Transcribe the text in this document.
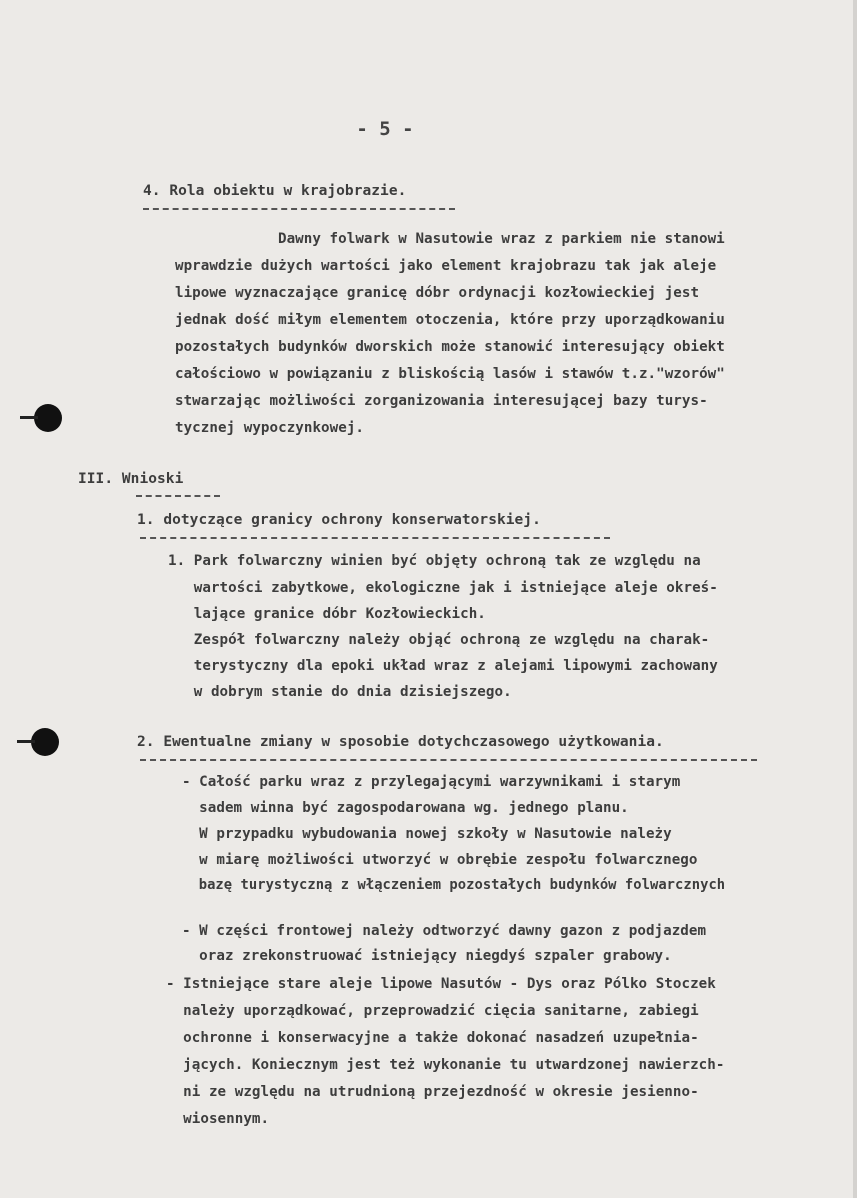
- 5 -
4. Rola obiektu w krajobrazie.
Dawny folwark w Nasutowie wraz z parkiem nie stanowi
wprawdzie dużych wartości jako element krajobrazu tak jak aleje
lipowe wyznaczające granicę dóbr ordynacji kozłowieckiej jest
jednak dość miłym elementem otoczenia, które przy uporządkowaniu
pozostałych budynków dworskich może stanowić interesujący obiekt
całościowo w powiązaniu z bliskością lasów i stawów t.z."wzorów"
stwarzając możliwości zorganizowania interesującej bazy turys-
tycznej wypoczynkowej.
III. Wnioski
1. dotyczące granicy ochrony konserwatorskiej.
1. Park folwarczny winien być objęty ochroną tak ze względu na
wartości zabytkowe, ekologiczne jak i istniejące aleje okreś-
lające granice dóbr Kozłowieckich.
Zespół folwarczny należy objąć ochroną ze względu na charak-
terystyczny dla epoki układ wraz z alejami lipowymi zachowany
w dobrym stanie do dnia dzisiejszego.
2. Ewentualne zmiany w sposobie dotychczasowego użytkowania.
- Całość parku wraz z przylegającymi warzywnikami i starym
sadem winna być zagospodarowana wg. jednego planu.
W przypadku wybudowania nowej szkoły w Nasutowie należy
w miarę możliwości utworzyć w obrębie zespołu folwarcznego
bazę turystyczną z włączeniem pozostałych budynków folwarcznych
- W części frontowej należy odtworzyć dawny gazon z podjazdem
oraz zrekonstruować istniejący niegdyś szpaler grabowy.
- Istniejące stare aleje lipowe Nasutów - Dys oraz Pólko Stoczek
należy uporządkować, przeprowadzić cięcia sanitarne, zabiegi
ochronne i konserwacyjne a także dokonać nasadzeń uzupełnia-
jących. Koniecznym jest też wykonanie tu utwardzonej nawierzch-
ni ze względu na utrudnioną przejezdność w okresie jesienno-
wiosennym.
